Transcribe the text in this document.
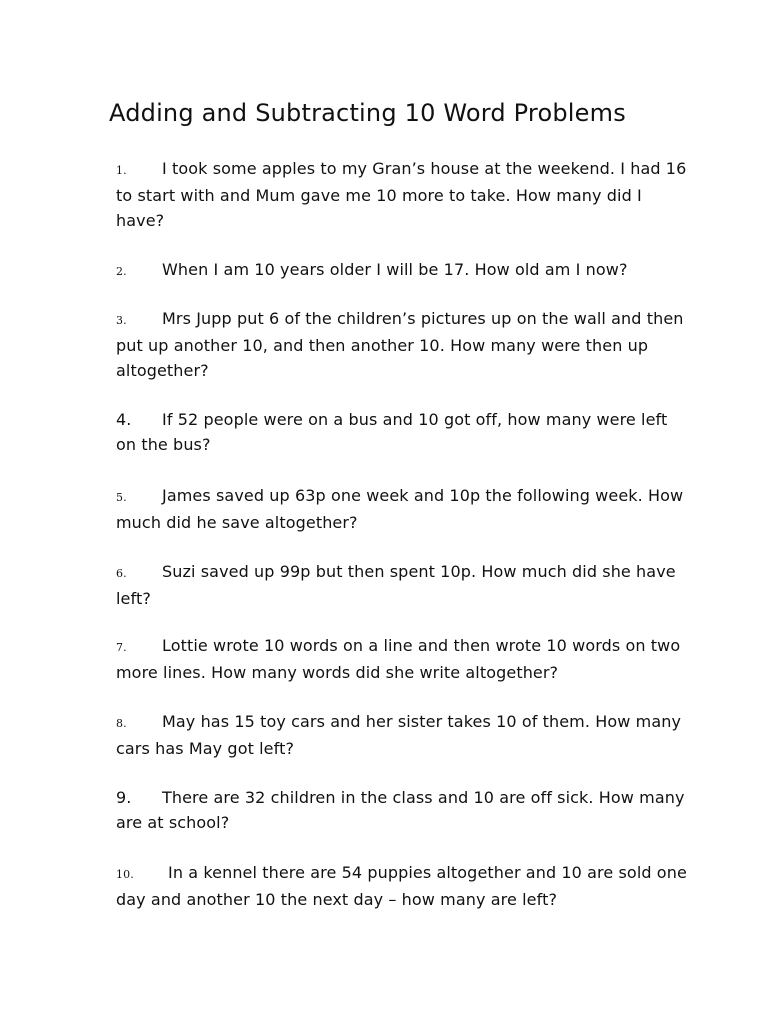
Adding and Subtracting 10 Word Problems

1. I took some apples to my Gran’s house at the weekend. I had 16 to start with and Mum gave me 10 more to take. How many did I have?

2. When I am 10 years older I will be 17. How old am I now?

3. Mrs Jupp put 6 of the children’s pictures up on the wall and then put up another 10, and then another 10. How many were then up altogether?

4. If 52 people were on a bus and 10 got off, how many were left on the bus?

5. James saved up 63p one week and 10p the following week. How much did he save altogether?

6. Suzi saved up 99p but then spent 10p. How much did she have left?

7. Lottie wrote 10 words on a line and then wrote 10 words on two more lines. How many words did she write altogether?

8. May has 15 toy cars and her sister takes 10 of them. How many cars has May got left?

9. There are 32 children in the class and 10 are off sick. How many are at school?

10. In a kennel there are 54 puppies altogether and 10 are sold one day and another 10 the next day – how many are left?
